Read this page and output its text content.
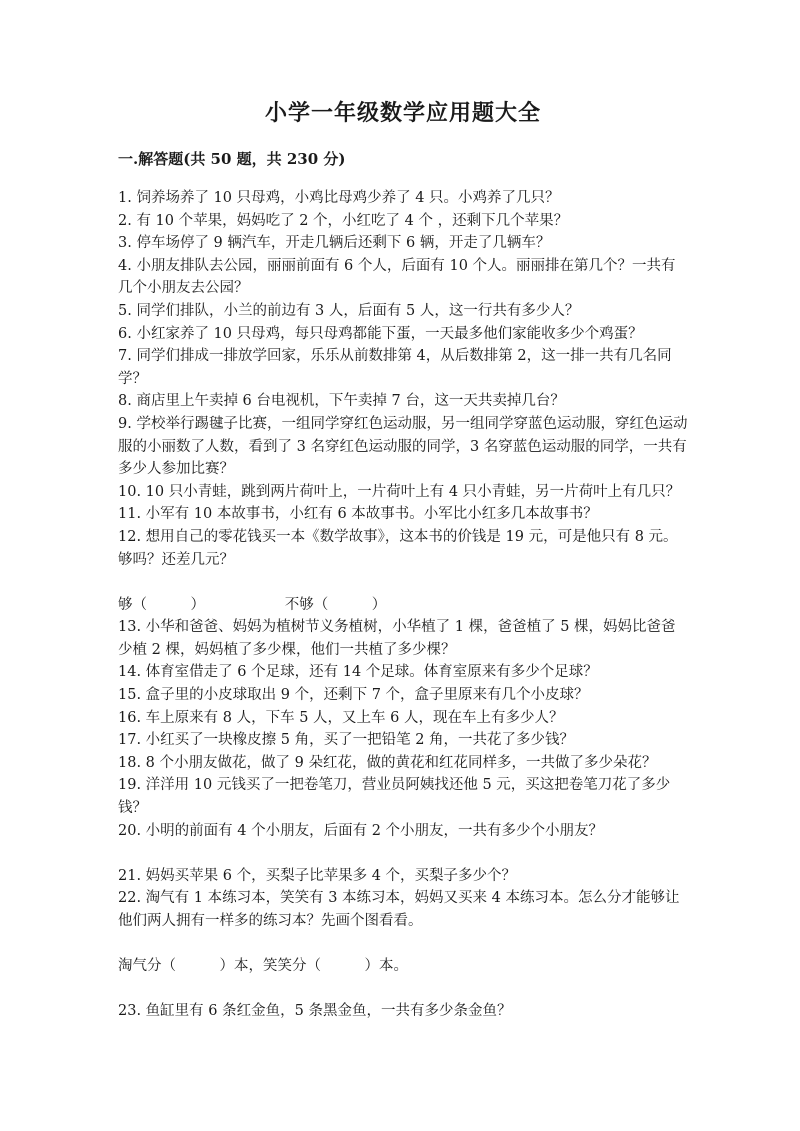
小学一年级数学应用题大全
一.解答题(共 50 题，共 230 分)

1. 饲养场养了 10 只母鸡，小鸡比母鸡少养了 4 只。小鸡养了几只？

2. 有 10 个苹果，妈妈吃了 2 个，小红吃了 4 个 ，还剩下几个苹果？

3. 停车场停了 9 辆汽车，开走几辆后还剩下 6 辆，开走了几辆车？

4. 小朋友排队去公园，丽丽前面有 6 个人，后面有 10 个人。丽丽排在第几个？一共有几个小朋友去公园？

5. 同学们排队，小兰的前边有 3 人，后面有 5 人，这一行共有多少人？

6. 小红家养了 10 只母鸡，每只母鸡都能下蛋，一天最多他们家能收多少个鸡蛋？

7. 同学们排成一排放学回家，乐乐从前数排第 4，从后数排第 2，这一排一共有几名同学？

8. 商店里上午卖掉 6 台电视机，下午卖掉 7 台，这一天共卖掉几台？

9. 学校举行踢毽子比赛，一组同学穿红色运动服，另一组同学穿蓝色运动服，穿红色运动服的小丽数了人数，看到了 3 名穿红色运动服的同学，3 名穿蓝色运动服的同学，一共有多少人参加比赛？

10. 10 只小青蛙，跳到两片荷叶上，一片荷叶上有 4 只小青蛙，另一片荷叶上有几只？

11. 小军有 10 本故事书，小红有 6 本故事书。小军比小红多几本故事书？

12. 想用自己的零花钱买一本《数学故事》，这本书的价钱是 19 元，可是他只有 8 元。够吗？还差几元？

够（　　　）　　　　　　不够（　　　）

13. 小华和爸爸、妈妈为植树节义务植树，小华植了 1 棵，爸爸植了 5 棵，妈妈比爸爸少植 2 棵，妈妈植了多少棵，他们一共植了多少棵？

14. 体育室借走了 6 个足球，还有 14 个足球。体育室原来有多少个足球？

15. 盒子里的小皮球取出 9 个，还剩下 7 个，盒子里原来有几个小皮球？

16. 车上原来有 8 人，下车 5 人，又上车 6 人，现在车上有多少人？

17. 小红买了一块橡皮擦 5 角，买了一把铅笔 2 角，一共花了多少钱？

18. 8 个小朋友做花，做了 9 朵红花，做的黄花和红花同样多，一共做了多少朵花？

19. 洋洋用 10 元钱买了一把卷笔刀，营业员阿姨找还他 5 元，买这把卷笔刀花了多少钱？

20. 小明的前面有 4 个小朋友，后面有 2 个小朋友，一共有多少个小朋友？

21. 妈妈买苹果 6 个，买梨子比苹果多 4 个，买梨子多少个？

22. 淘气有 1 本练习本，笑笑有 3 本练习本，妈妈又买来 4 本练习本。怎么分才能够让他们两人拥有一样多的练习本？先画个图看看。

淘气分（　　　）本，笑笑分（　　　）本。

23. 鱼缸里有 6 条红金鱼，5 条黑金鱼，一共有多少条金鱼？
